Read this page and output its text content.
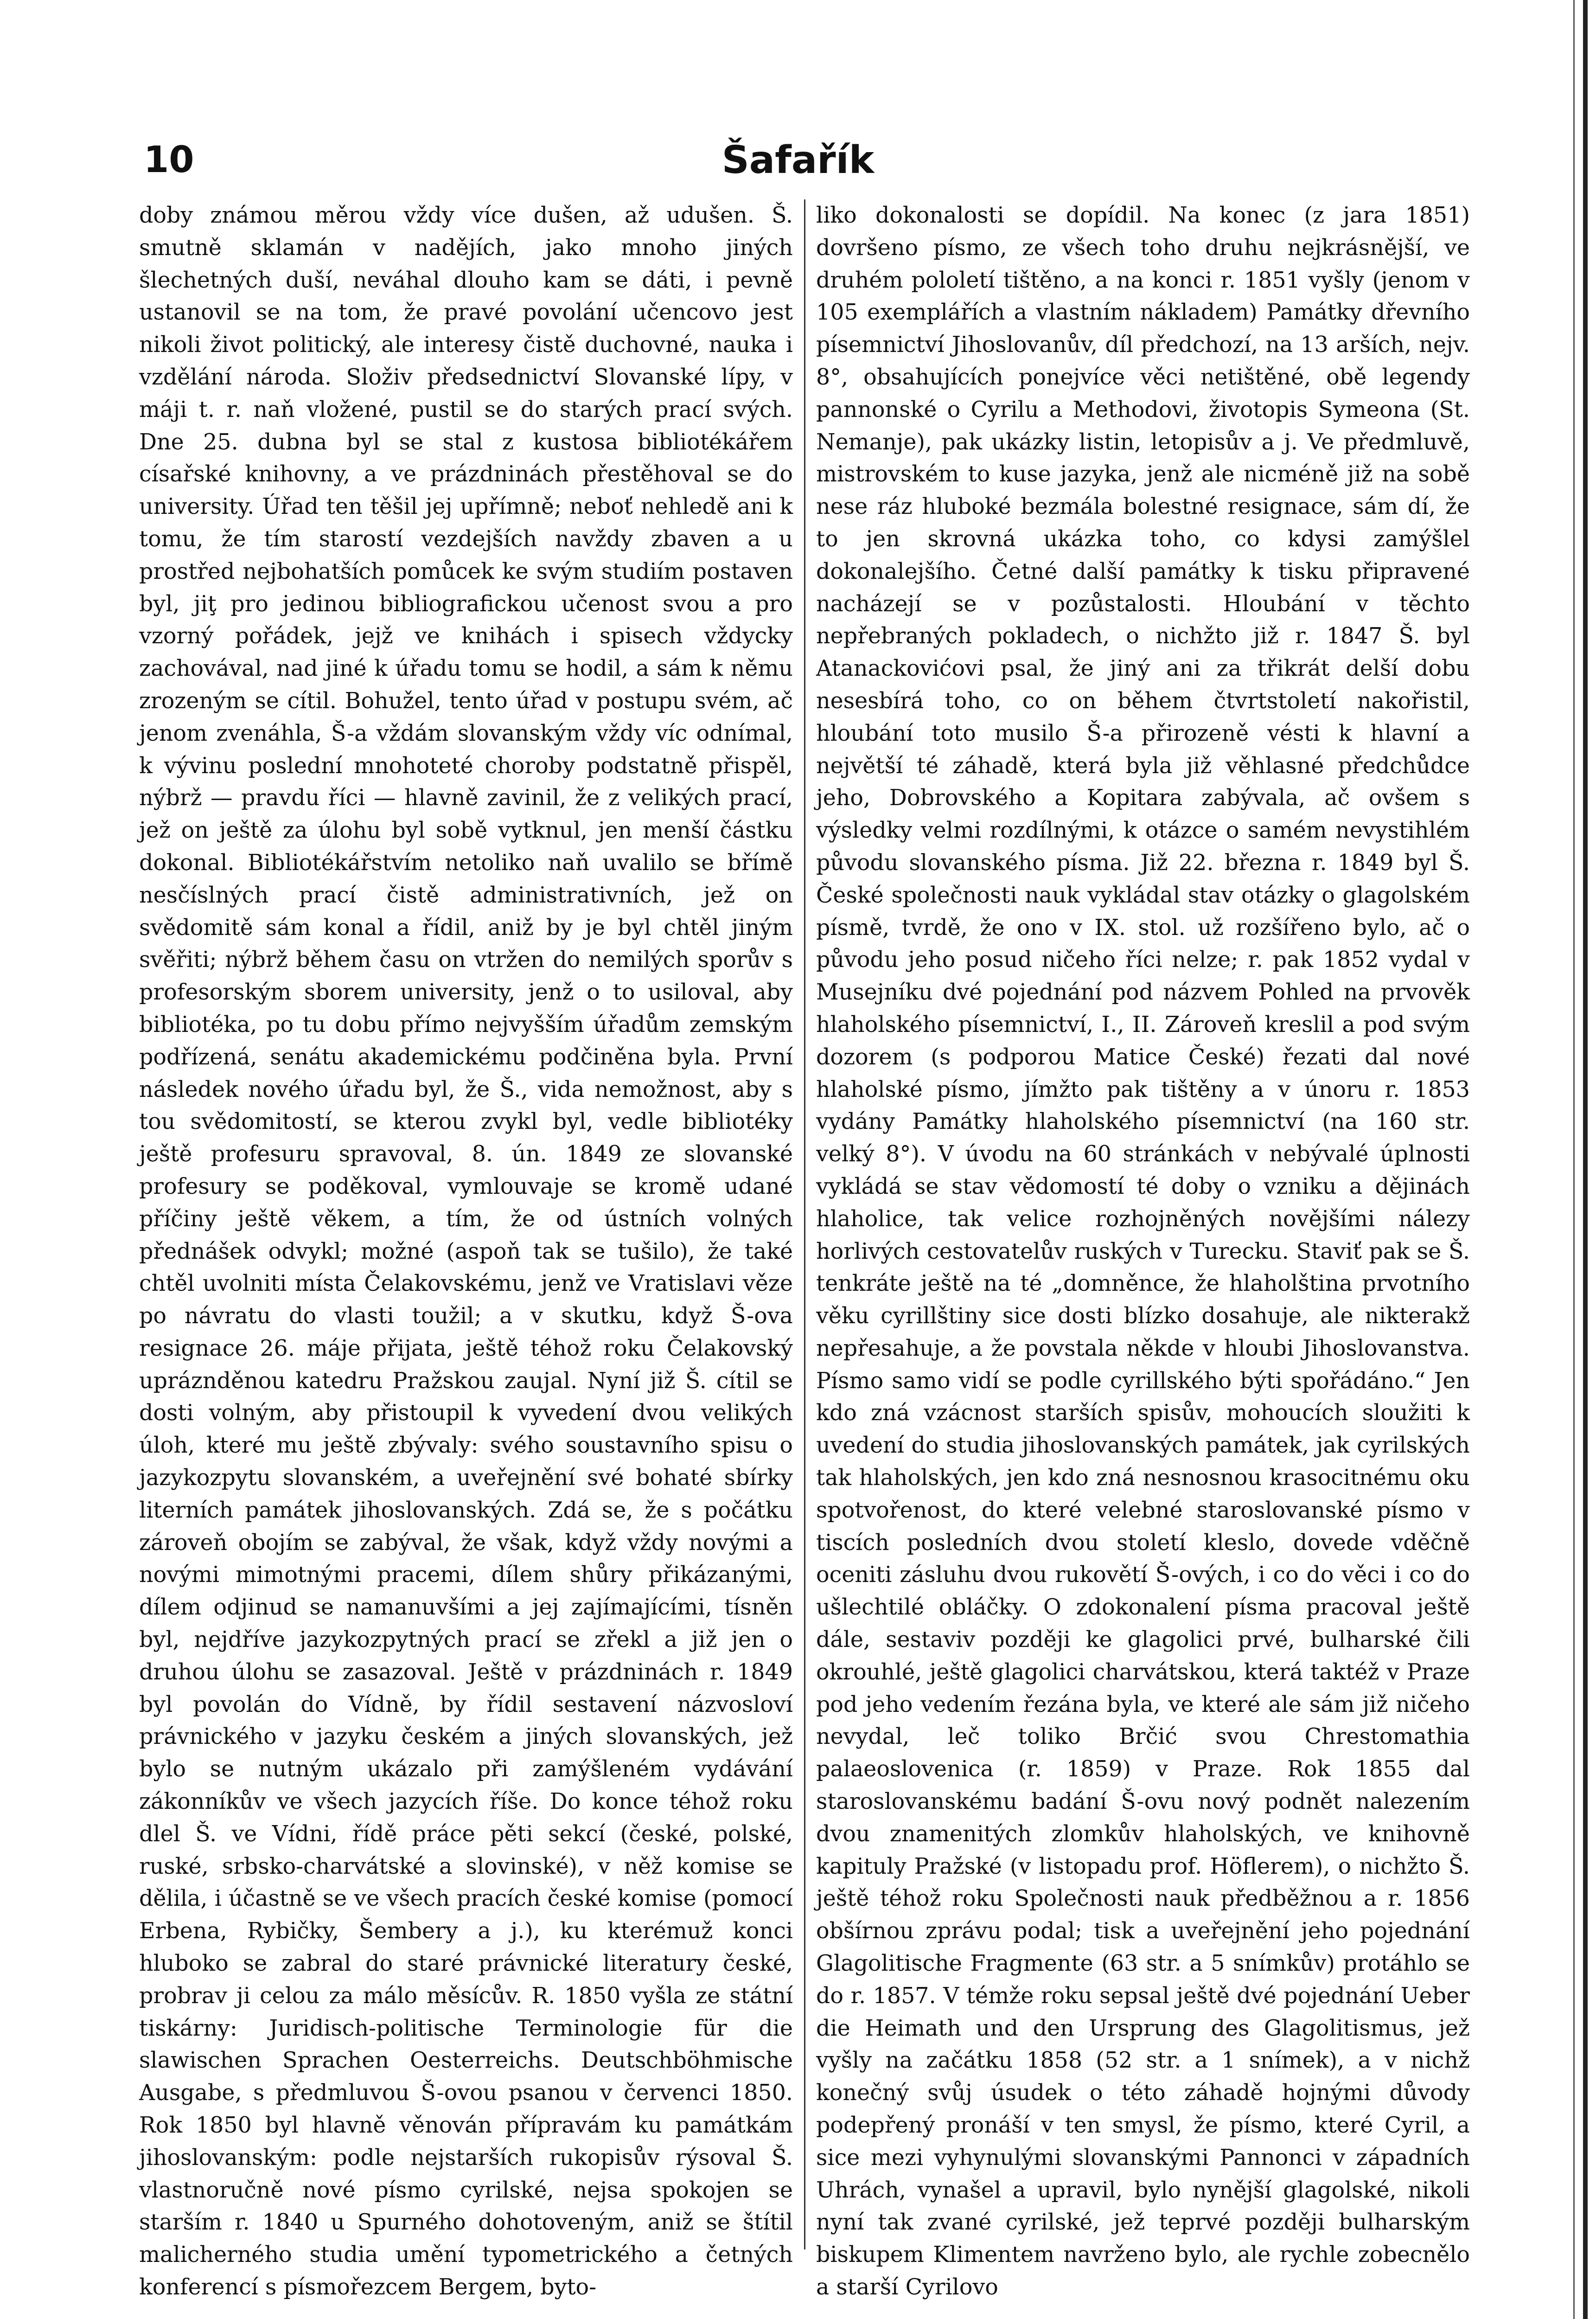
10	Šafařík

doby známou měrou vždy více dušen, až udušen. Š. smutně sklamán v nadějích, jako mnoho jiných šlechetných duší, neváhal dlouho kam se dáti, i pevně ustanovil se na tom, že pravé povolání učencovo jest nikoli život politický, ale interesy čistě duchovné, nauka i vzdělání národa. Složiv předsednictví Slovanské lípy, v máji t. r. naň vložené, pustil se do starých prací svých. Dne 25. dubna byl se stal z kustosa bibliotékářem císařské knihovny, a ve prázdninách přestěhoval se do university. Úřad ten těšil jej upřímně; neboť nehledě ani k tomu, že tím starostí vezdejších navždy zbaven a u prostřed nejbohatších pomůcek ke svým studiím postaven byl, jiţ pro jedinou bibliografickou učenost svou a pro vzorný pořádek, jejž ve knihách i spisech vždycky zachovával, nad jiné k úřadu tomu se hodil, a sám k němu zrozeným se cítil. Bohužel, tento úřad v postupu svém, ač jenom zvenáhla, Š-a vždám slovanským vždy víc odnímal, k vývinu poslední mnohoteté choroby podstatně přispěl, nýbrž — pravdu říci — hlavně zavinil, že z velikých prací, jež on ještě za úlohu byl sobě vytknul, jen menší částku dokonal. Bibliotékářstvím netoliko naň uvalilo se břímě nesčíslných prací čistě administrativních, jež on svědomitě sám konal a řídil, aniž by je byl chtěl jiným svěřiti; nýbrž během času on vtržen do nemilých sporův s profesorským sborem university, jenž o to usiloval, aby bibliotéka, po tu dobu přímo nejvyšším úřadům zemským podřízená, senátu akademickému podčiněna byla. První následek nového úřadu byl, že Š., vida nemožnost, aby s tou svědomitostí, se kterou zvykl byl, vedle bibliotéky ještě profesuru spravoval, 8. ún. 1849 ze slovanské profesury se poděkoval, vymlouvaje se kromě udané příčiny ještě věkem, a tím, že od ústních volných přednášek odvykl; možné (aspoň tak se tušilo), že také chtěl uvolniti místa Čelakovskému, jenž ve Vratislavi věze po návratu do vlasti toužil; a v skutku, když Š-ova resignace 26. máje přijata, ještě téhož roku Čelakovský upráznděnou katedru Pražskou zaujal. Nyní již Š. cítil se dosti volným, aby přistoupil k vyvedení dvou velikých úloh, které mu ještě zbývaly: svého soustavního spisu o jazykozpytu slovanském, a uveřejnění své bohaté sbírky literních památek jihoslovanských. Zdá se, že s počátku zároveň obojím se zabýval, že však, když vždy novými a novými mimotnými pracemi, dílem shůry přikázanými, dílem odjinud se namanuvšími a jej zajímajícími, tísněn byl, nejdříve jazykozpytných prací se zřekl a již jen o druhou úlohu se zasazoval. Ještě v prázdninách r. 1849 byl povolán do Vídně, by řídil sestavení názvosloví právnického v jazyku českém a jiných slovanských, jež bylo se nutným ukázalo při zamýšleném vydávání zákonníkův ve všech jazycích říše. Do konce téhož roku dlel Š. ve Vídni, řídě práce pěti sekcí (české, polské, ruské, srbsko-charvátské a slovinské), v něž komise se dělila, i účastně se ve všech pracích české komise (pomocí Erbena, Rybičky, Šembery a j.), ku kterémuž konci hluboko se zabral do staré právnické literatury české, probrav ji celou za málo měsícův. R. 1850 vyšla ze státní tiskárny: Juridisch-politische Terminologie für die slawischen Sprachen Oesterreichs. Deutschböhmische Ausgabe, s předmluvou Š-ovou psanou v červenci 1850. Rok 1850 byl hlavně věnován přípravám ku památkám jihoslovanským: podle nejstarších rukopisův rýsoval Š. vlastnoručně nové písmo cyrilské, nejsa spokojen se starším r. 1840 u Spurného dohotoveným, aniž se štítil malicherného studia umění typometrického a četných konferencí s písmořezcem Bergem, byto-

liko dokonalosti se dopídil. Na konec (z jara 1851) dovršeno písmo, ze všech toho druhu nejkrásnější, ve druhém pololetí tištěno, a na konci r. 1851 vyšly (jenom v 105 exemplářích a vlastním nákladem) Památky dřevního písemnictví Jihoslovanův, díl předchozí, na 13 arších, nejv. 8°, obsahujících ponejvíce věci netištěné, obě legendy pannonské o Cyrilu a Methodovi, životopis Symeona (St. Nemanje), pak ukázky listin, letopisův a j. Ve předmluvě, mistrovském to kuse jazyka, jenž ale nicméně již na sobě nese ráz hluboké bezmála bolestné resignace, sám dí, že to jen skrovná ukázka toho, co kdysi zamýšlel dokonalejšího. Četné další památky k tisku připravené nacházejí se v pozůstalosti. Hloubání v těchto nepřebraných pokladech, o nichžto již r. 1847 Š. byl Atanackovićovi psal, že jiný ani za třikrát delší dobu nesesbírá toho, co on během čtvrtstoletí nakořistil, hloubání toto musilo Š-a přirozeně vésti k hlavní a největší té záhadě, která byla již věhlasné předchůdce jeho, Dobrovského a Kopitara zabývala, ač ovšem s výsledky velmi rozdílnými, k otázce o samém nevystihlém původu slovanského písma. Již 22. března r. 1849 byl Š. České společnosti nauk vykládal stav otázky o glagolském písmě, tvrdě, že ono v IX. stol. už rozšířeno bylo, ač o původu jeho posud ničeho říci nelze; r. pak 1852 vydal v Musejníku dvé pojednání pod názvem Pohled na prvověk hlaholského písemnictví, I., II. Zároveň kreslil a pod svým dozorem (s podporou Matice České) řezati dal nové hlaholské písmo, jímžto pak tištěny a v únoru r. 1853 vydány Památky hlaholského písemnictví (na 160 str. velký 8°). V úvodu na 60 stránkách v nebývalé úplnosti vykládá se stav vědomostí té doby o vzniku a dějinách hlaholice, tak velice rozhojněných novějšími nálezy horlivých cestovatelův ruských v Turecku. Staviť pak se Š. tenkráte ještě na té „domněnce, že hlaholština prvotního věku cyrillštiny sice dosti blízko dosahuje, ale nikterakž nepřesahuje, a že povstala někde v hloubi Jihoslovanstva. Písmo samo vidí se podle cyrillského býti spořádáno.“ Jen kdo zná vzácnost starších spisův, mohoucích sloužiti k uvedení do studia jihoslovanských památek, jak cyrilských tak hlaholských, jen kdo zná nesnosnou krasocitnému oku spotvořenost, do které velebné staroslovanské písmo v tiscích posledních dvou století kleslo, dovede vděčně oceniti zásluhu dvou rukovětí Š-ových, i co do věci i co do ušlechtilé obláčky. O zdokonalení písma pracoval ještě dále, sestaviv později ke glagolici prvé, bulharské čili okrouhlé, ještě glagolici charvátskou, která taktéž v Praze pod jeho vedením řezána byla, ve které ale sám již ničeho nevydal, leč toliko Brčić svou Chrestomathia palaeoslovenica (r. 1859) v Praze. Rok 1855 dal staroslovanskému badání Š-ovu nový podnět nalezením dvou znamenitých zlomkův hlaholských, ve knihovně kapituly Pražské (v listopadu prof. Höflerem), o nichžto Š. ještě téhož roku Společnosti nauk předběžnou a r. 1856 obšírnou zprávu podal; tisk a uveřejnění jeho pojednání Glagolitische Fragmente (63 str. a 5 snímkův) protáhlo se do r. 1857. V témže roku sepsal ještě dvé pojednání Ueber die Heimath und den Ursprung des Glagolitismus, jež vyšly na začátku 1858 (52 str. a 1 snímek), a v nichž konečný svůj úsudek o této záhadě hojnými důvody podepřený pronáší v ten smysl, že písmo, které Cyril, a sice mezi vyhynulými slovanskými Pannonci v západních Uhrách, vynašel a upravil, bylo nynější glagolské, nikoli nyní tak zvané cyrilské, jež teprvé později bulharským biskupem Klimentem navrženo bylo, ale rychle zobecnělo a starší Cyrilovo
